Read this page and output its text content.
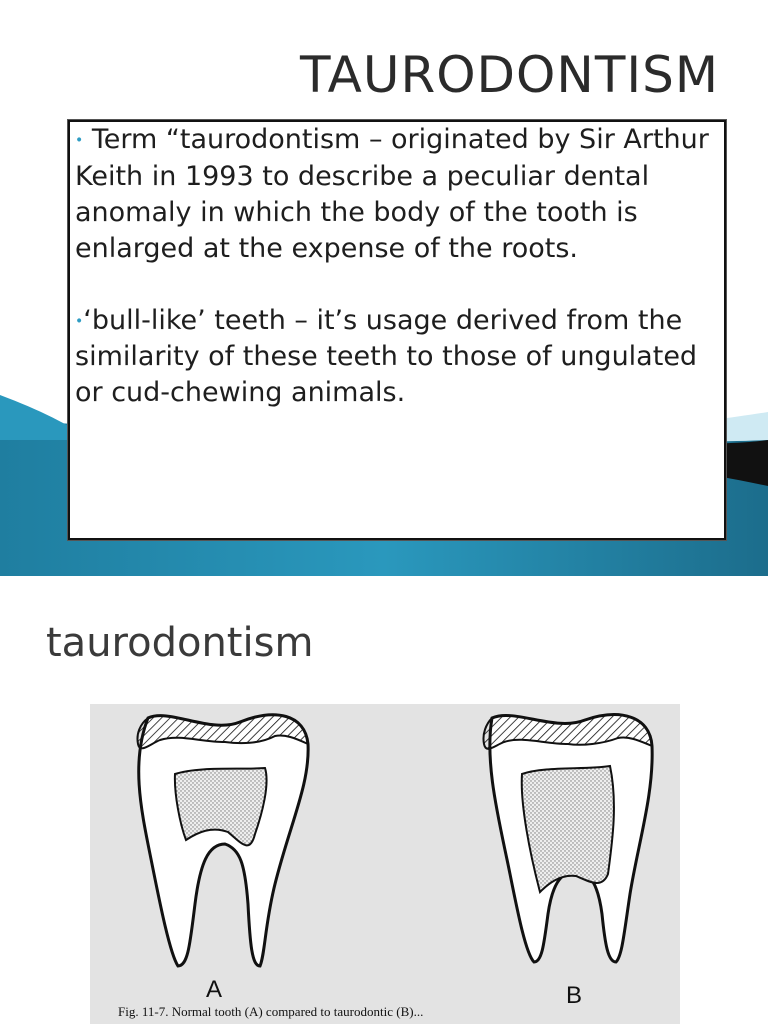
TAURODONTISM

• Term “taurodontism – originated by Sir Arthur Keith in 1993 to describe a peculiar dental anomaly in which the body of the tooth is enlarged at the expense of the roots.

•‘bull-like’ teeth – it’s usage derived from the similarity of these teeth to those of ungulated or cud-chewing animals.

taurodontism
A	B
Fig. 11-7. Normal tooth (A) compared to taurodontic (B)...
